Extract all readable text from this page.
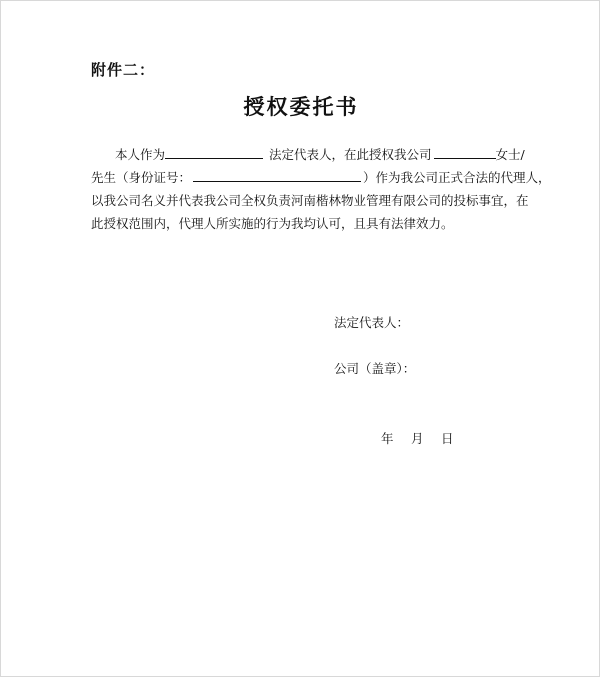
附件二：
授权委托书
本人作为	法定代表人，在此授权我公司	女士/
先生（身份证号：	）作为我公司正式合法的代理人，
以我公司名义并代表我公司全权负责河南楷林物业管理有限公司的投标事宜，在
此授权范围内，代理人所实施的行为我均认可，且具有法律效力。
法定代表人：
公司（盖章）：
年 月 日
